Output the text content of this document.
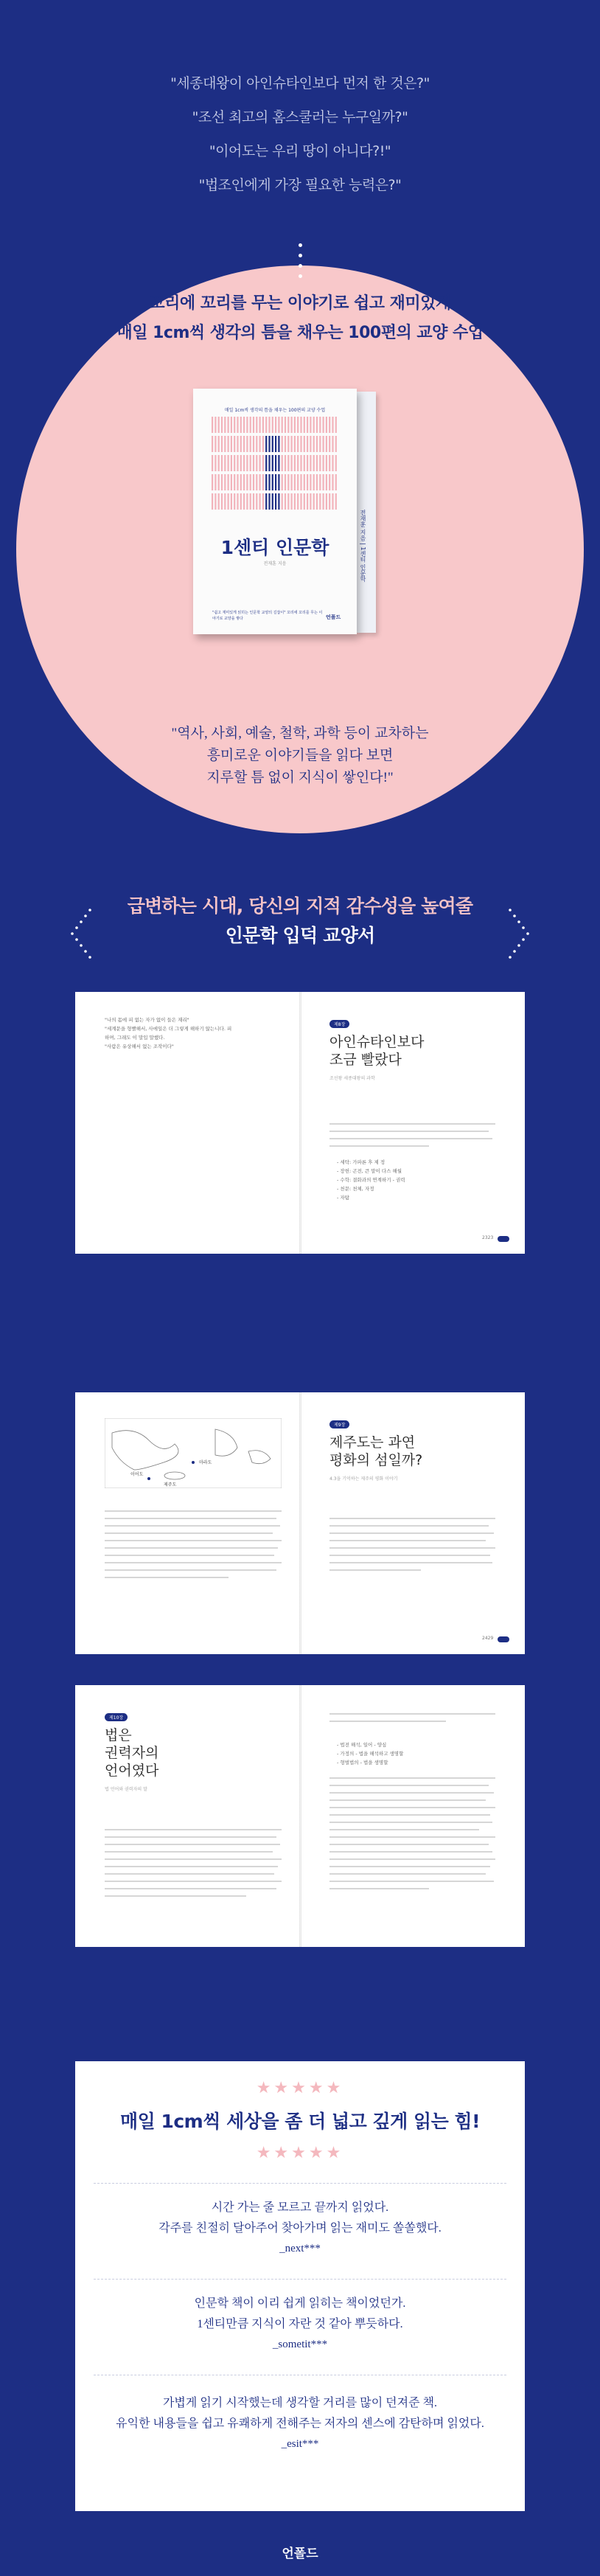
"세종대왕이 아인슈타인보다 먼저 한 것은?"
"조선 최고의 홈스쿨러는 누구일까?"
"이어도는 우리 땅이 아니다?!"
"법조인에게 가장 필요한 능력은?"
꼬리에 꼬리를 무는 이야기로 쉽고 재미있게
매일 1cm씩 생각의 틈을 채우는 100편의 교양 수업
전재훈 지음 | 1센티 인문학
매일 1cm씩 생각의 틈을 채우는 100편의 교양 수업
1센티 인문학
전재훈 지음
"쉽고 재미있게 읽히는 인문학 교양의 길잡이" 꼬리에 꼬리를 무는 이야기로 교양을 쌓다	언폴드
"역사, 사회, 예술, 철학, 과학 등이 교차하는
흥미로운 이야기들을 읽다 보면
지루할 틈 없이 지식이 쌓인다!"
급변하는 시대, 당신의 지적 감수성을 높여줄
인문학 입덕 교양서
"나의 몸에 피 없는 자가 없이 들은 재리"
"세계문을 형빨해서, 사에일은 더 그렇게 해하기 않는니다. 피
하며, 그래도 이 말입 말했다.
"사람은 유상해서 없는 조작이다"
제8장
아인슈타인보다
조금 빨랐다
조선왕 세종대왕의 과학
- 세탁: 가파론 후 제 정
- 장헌: 곤전, 큰 말이 다스 해월
- 수학: 결화과의 연계하기 - 권력
- 천문: 천체, 자정
- 자탐
2323
제주도
이어도
마라도
제9장
제주도는 과연
평화의 섬일까?
4.3을 기억하는 제주의 평화 이야기
2429
제10장
법은
권력자의
언어였다
법 언어와 권력자의 말
- 법전 해석, 일어 - 양심
- 가정의 - 법을 해석하고 생명할
- 형벌법의 - 법을 생명할
★★★★★
매일 1cm씩 세상을 좀 더 넓고 깊게 읽는 힘!
★★★★★
시간 가는 줄 모르고 끝까지 읽었다.
각주를 친절히 달아주어 찾아가며 읽는 재미도 쏠쏠했다.
_next***
인문학 책이 이리 쉽게 읽히는 책이었던가.
1센티만큼 지식이 자란 것 같아 뿌듯하다.
_sometit***
가볍게 읽기 시작했는데 생각할 거리를 많이 던져준 책.
유익한 내용들을 쉽고 유쾌하게 전해주는 저자의 센스에 감탄하며 읽었다.
_esit***
언폴드
